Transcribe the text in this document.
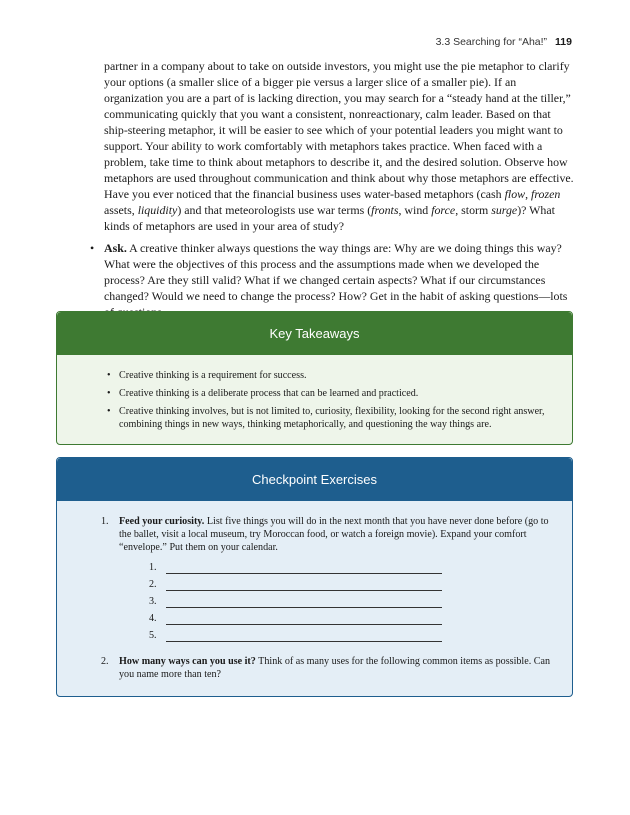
3.3 Searching for “Aha!” 119

partner in a company about to take on outside investors, you might use the pie metaphor to clarify your options (a smaller slice of a bigger pie versus a larger slice of a smaller pie). If an organization you are a part of is lacking direction, you may search for a “steady hand at the tiller,” communicating quickly that you want a consistent, nonreactionary, calm leader. Based on that ship-steering metaphor, it will be easier to see which of your potential leaders you might want to support. Your ability to work comfortably with metaphors takes practice. When faced with a problem, take time to think about metaphors to describe it, and the desired solution. Observe how metaphors are used throughout communication and think about why those metaphors are effective. Have you ever noticed that the financial business uses water-based metaphors (cash flow, frozen assets, liquidity) and that meteorologists use war terms (fronts, wind force, storm surge)? What kinds of metaphors are used in your area of study?

• Ask. A creative thinker always questions the way things are: Why are we doing things this way? What were the objectives of this process and the assumptions made when we developed the process? Are they still valid? What if we changed certain aspects? What if our circumstances changed? Would we need to change the process? How? Get in the habit of asking questions—lots
Key Takeaways
• Creative thinking is a requirement for success.
• Creative thinking is a deliberate process that can be learned and practiced.
• Creative thinking involves, but is not limited to, curiosity, flexibility, looking for the second right answer, combining things in new ways, thinking metaphorically, and questioning the way things are.
Checkpoint Exercises
1. Feed your curiosity. List five things you will do in the next month that you have never done before (go to the ballet, visit a local museum, try Moroccan food, or watch a foreign movie). Expand your comfort “envelope.” Put them on your calendar.
1.
2.
3.
4.
5.
2. How many ways can you use it? Think of as many uses for the following common items as possible. Can you name more than ten?
